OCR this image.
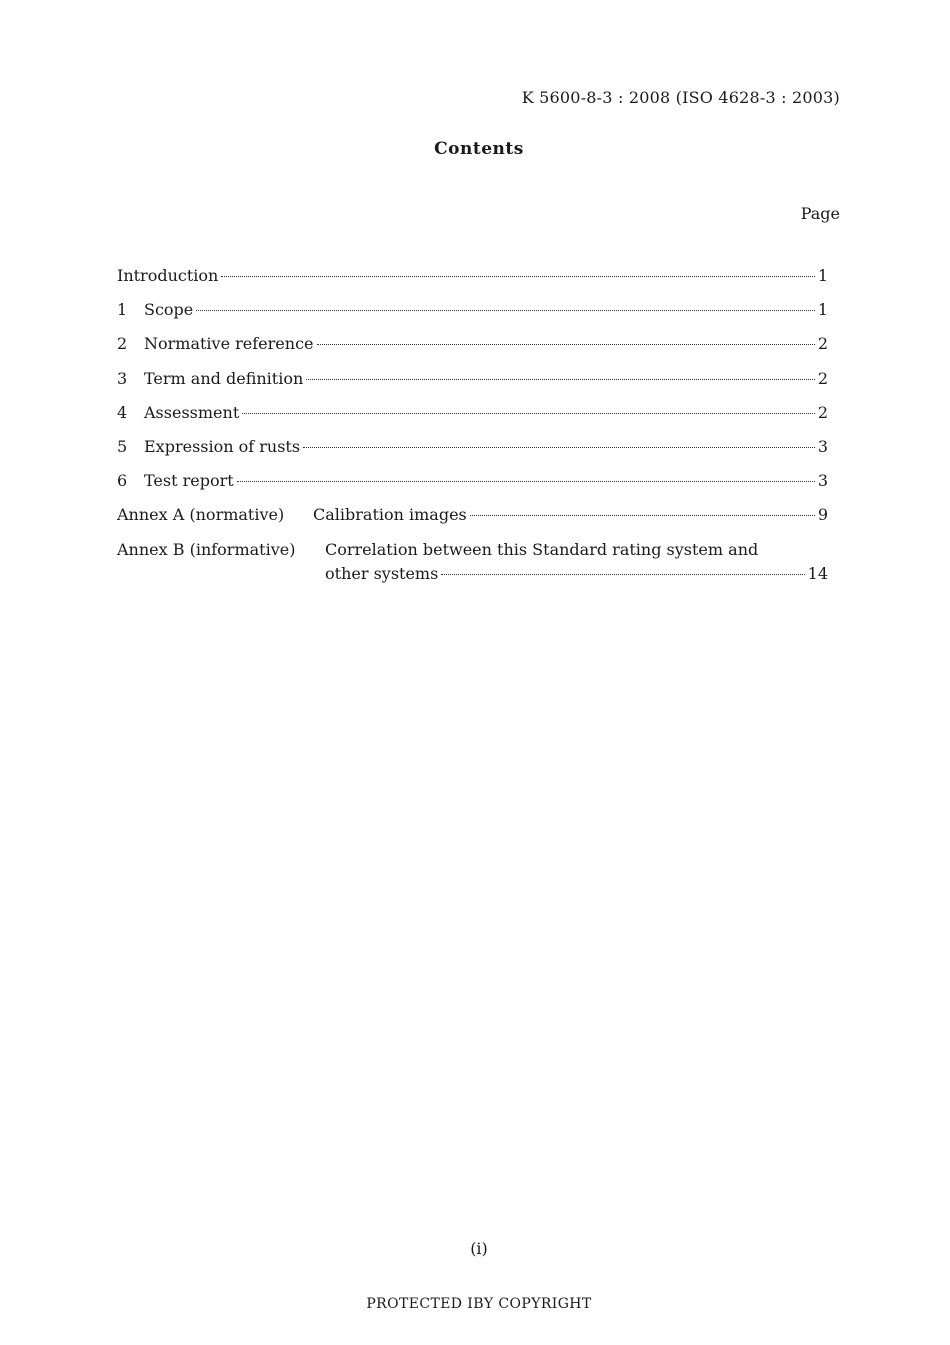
K 5600-8-3 : 2008 (ISO 4628-3 : 2003)
Contents
Page
Introduction	1
1	Scope	1
2	Normative reference	2
3	Term and definition	2
4	Assessment	2
5	Expression of rusts	3
6	Test report	3
Annex A (normative)	Calibration images	9
Annex B (informative)	Correlation between this Standard rating system and
other systems	14
(i)
PROTECTED ΙΒY COPYRIGHT
